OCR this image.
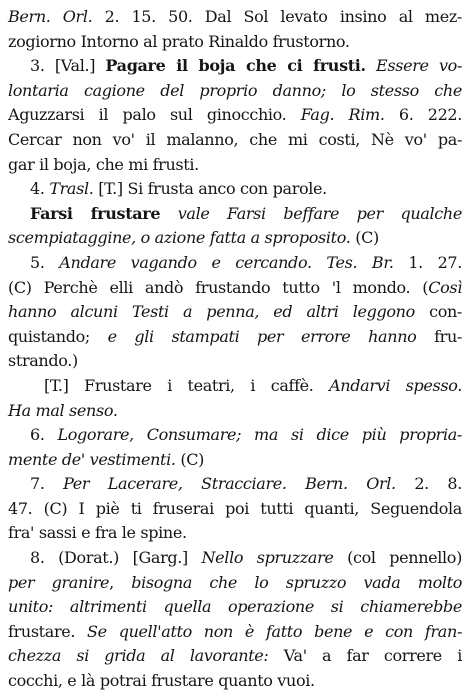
Bern. Orl. 2. 15. 50. Dal Sol levato insino al mez-
zogiorno Intorno al prato Rinaldo frustorno.
3. [Val.] Pagare il boja che ci frusti. Essere vo-
lontaria cagione del proprio danno; lo stesso che
Aguzzarsi il palo sul ginocchio. Fag. Rim. 6. 222.
Cercar non vo' il malanno, che mi costi, Nè vo' pa-
gar il boja, che mi frusti.
4. Trasl. [T.] Si frusta anco con parole.
Farsi frustare vale Farsi beffare per qualche
scempiataggine, o azione fatta a sproposito. (C)
5. Andare vagando e cercando. Tes. Br. 1. 27.
(C) Perchè elli andò frustando tutto 'l mondo. (Così
hanno alcuni Testi a penna, ed altri leggono con-
quistando; e gli stampati per errore hanno fru-
strando.)
[T.] Frustare i teatri, i caffè. Andarvi spesso.
Ha mal senso.
6. Logorare, Consumare; ma si dice più propria-
mente de' vestimenti. (C)
7. Per Lacerare, Stracciare. Bern. Orl. 2. 8.
47. (C) I piè ti fruserai poi tutti quanti, Seguendola
fra' sassi e fra le spine.
8. (Dorat.) [Garg.] Nello spruzzare (col pennello)
per granire, bisogna che lo spruzzo vada molto
unito: altrimenti quella operazione si chiamerebbe
frustare. Se quell'atto non è fatto bene e con fran-
chezza si grida al lavorante: Va' a far correre i
cocchi, e là potrai frustare quanto vuoi.
